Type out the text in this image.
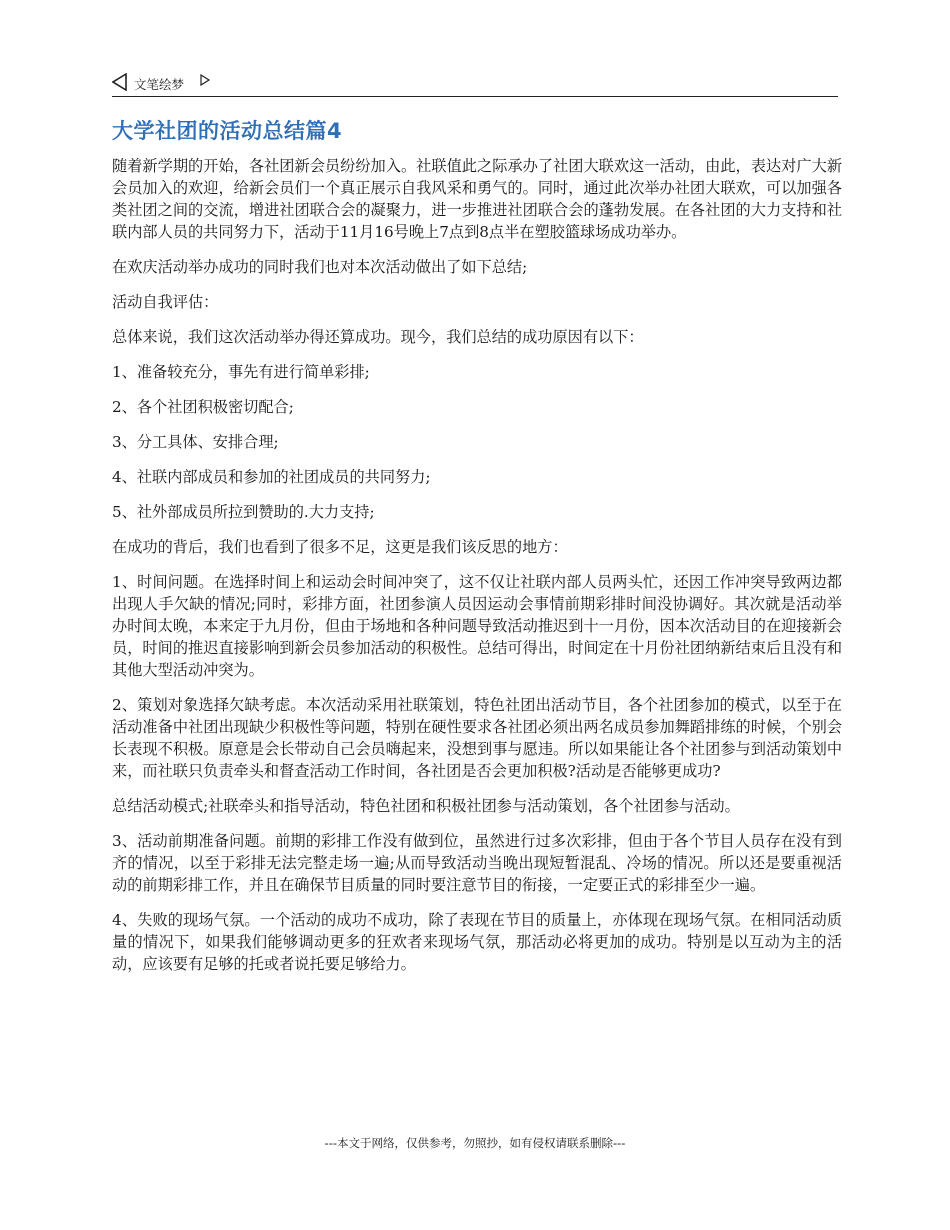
文笔绘梦
大学社团的活动总结篇4

随着新学期的开始，各社团新会员纷纷加入。社联值此之际承办了社团大联欢这一活动，由此，表达对广大新会员加入的欢迎，给新会员们一个真正展示自我风采和勇气的。同时，通过此次举办社团大联欢，可以加强各类社团之间的交流，增进社团联合会的凝聚力，进一步推进社团联合会的蓬勃发展。在各社团的大力支持和社联内部人员的共同努力下，活动于11月16号晚上7点到8点半在塑胶篮球场成功举办。

在欢庆活动举办成功的同时我们也对本次活动做出了如下总结;

活动自我评估：

总体来说，我们这次活动举办得还算成功。现今，我们总结的成功原因有以下：

1、准备较充分，事先有进行简单彩排;

2、各个社团积极密切配合;

3、分工具体、安排合理;

4、社联内部成员和参加的社团成员的共同努力;

5、社外部成员所拉到赞助的.大力支持;

在成功的背后，我们也看到了很多不足，这更是我们该反思的地方：

1、时间问题。在选择时间上和运动会时间冲突了，这不仅让社联内部人员两头忙，还因工作冲突导致两边都出现人手欠缺的情况;同时，彩排方面，社团参演人员因运动会事情前期彩排时间没协调好。其次就是活动举办时间太晚，本来定于九月份，但由于场地和各种问题导致活动推迟到十一月份，因本次活动目的在迎接新会员，时间的推迟直接影响到新会员参加活动的积极性。总结可得出，时间定在十月份社团纳新结束后且没有和其他大型活动冲突为。

2、策划对象选择欠缺考虑。本次活动采用社联策划，特色社团出活动节目，各个社团参加的模式，以至于在活动准备中社团出现缺少积极性等问题，特别在硬性要求各社团必须出两名成员参加舞蹈排练的时候，个别会长表现不积极。原意是会长带动自己会员嗨起来，没想到事与愿违。所以如果能让各个社团参与到活动策划中来，而社联只负责牵头和督查活动工作时间，各社团是否会更加积极?活动是否能够更成功?

总结活动模式;社联牵头和指导活动，特色社团和积极社团参与活动策划，各个社团参与活动。

3、活动前期准备问题。前期的彩排工作没有做到位，虽然进行过多次彩排，但由于各个节目人员存在没有到齐的情况，以至于彩排无法完整走场一遍;从而导致活动当晚出现短暂混乱、冷场的情况。所以还是要重视活动的前期彩排工作，并且在确保节目质量的同时要注意节目的衔接，一定要正式的彩排至少一遍。

4、失败的现场气氛。一个活动的成功不成功，除了表现在节目的质量上，亦体现在现场气氛。在相同活动质量的情况下，如果我们能够调动更多的狂欢者来现场气氛，那活动必将更加的成功。特别是以互动为主的活动，应该要有足够的托或者说托要足够给力。

---本文于网络，仅供参考，勿照抄，如有侵权请联系删除---
